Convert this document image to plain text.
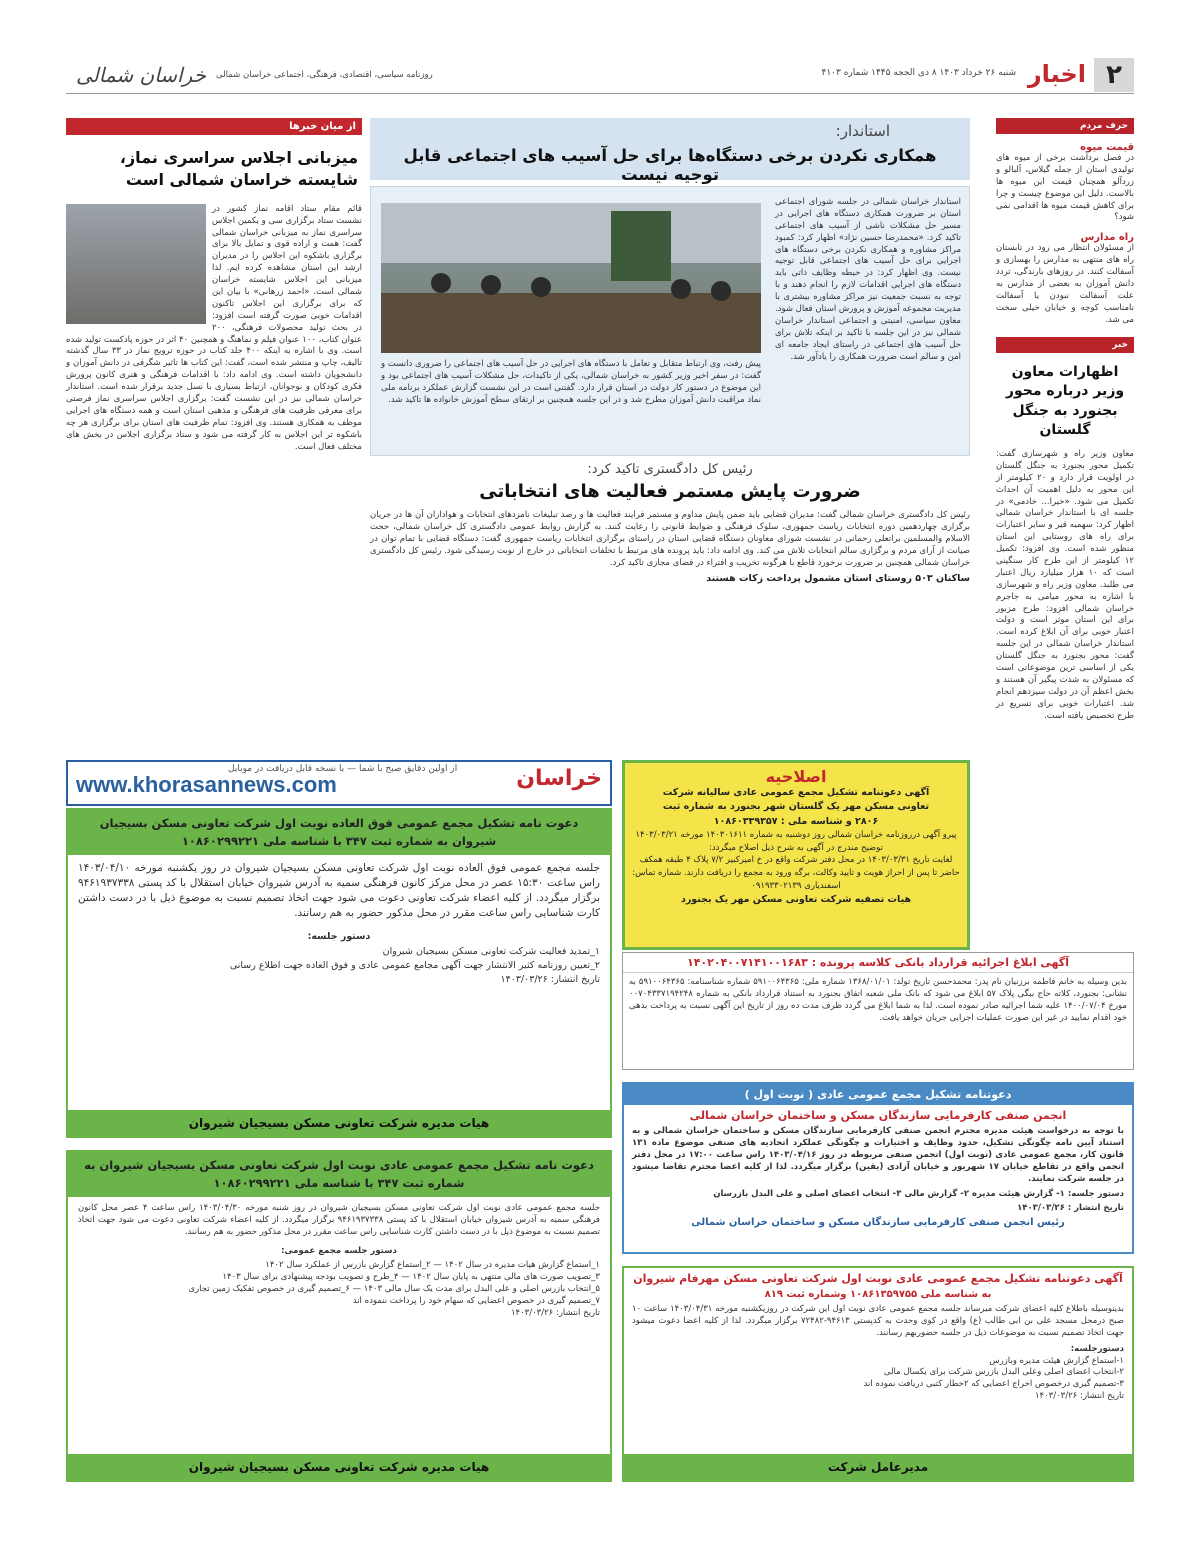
۲
اخبار
شنبه ۲۶ خرداد ۱۴۰۳ ۸ ذی الحجه ۱۴۴۵ شماره ۴۱۰۳
خراسان شمالی روزنامه سیاسی، اقتصادی، فرهنگی، اجتماعی خراسان شمالی
حرف مردم
قیمت میوه
در فصل برداشت برخی از میوه های تولیدی استان از جمله گیلاس، آلبالو و زردآلو همچنان قیمت این میوه ها بالاست. دلیل این موضوع چیست و چرا برای کاهش قیمت میوه ها اقدامی نمی شود؟
راه مدارس
از مسئولان انتظار می رود در تابستان راه های منتهی به مدارس را بهسازی و آسفالت کنند. در روزهای بارندگی، تردد دانش آموزان به بعضی از مدارس به علت آسفالت نبودن یا آسفالت نامناسب کوچه و خیابان خیلی سخت می شد.
خبر
اظهارات معاون وزیر درباره محور بجنورد به جنگل گلستان
معاون وزیر راه و شهرسازی گفت: تکمیل محور بجنورد به جنگل گلستان در اولویت قرار دارد و ۲۰ کیلومتر از این محور به دلیل اهمیت آن احداث تکمیل می شود. «خیرا... خادمی» در جلسه ای با استاندار خراسان شمالی اظهار کرد: سهمیه قیر و سایر اعتبارات برای راه های روستایی این استان منظور شده است. وی افزود: تکمیل ۱۲ کیلومتر از این طرح کار سنگینی است که ۱۰ هزار میلیارد ریال اعتبار می طلبد. معاون وزیر راه و شهرسازی با اشاره به محور میامی به جاجرم خراسان شمالی افزود: طرح مزبور برای این استان موثر است و دولت اعتبار خوبی برای آن ابلاغ کرده است. استاندار خراسان شمالی در این جلسه گفت: محور بجنورد به جنگل گلستان یکی از اساسی ترین موضوعاتی است که مسئولان به شدت پیگیر آن هستند و بخش اعظم آن در دولت سیزدهم انجام شد. اعتبارات خوبی برای تسریع در طرح تخصیص یافته است.
استاندار:
همکاری نکردن برخی دستگاه‌ها برای حل آسیب های اجتماعی قابل توجیه نیست
استاندار خراسان شمالی در جلسه شورای اجتماعی استان بر ضرورت همکاری دستگاه های اجرایی در مسیر حل مشکلات ناشی از آسیب های اجتماعی تاکید کرد. «محمدرضا حسین نژاد» اظهار کرد: کمبود مراکز مشاوره و همکاری نکردن برخی دستگاه های اجرایی برای حل آسیب های اجتماعی قابل توجیه نیست. وی اظهار کرد: در حیطه وظایف ذاتی باید دستگاه های اجرایی اقدامات لازم را انجام دهند و با توجه به نسبت جمعیت نیز مراکز مشاوره بیشتری با مدیریت مجموعه آموزش و پرورش استان فعال شود. معاون سیاسی، امنیتی و اجتماعی استاندار خراسان شمالی نیز در این جلسه با تاکید بر اینکه تلاش برای حل آسیب های اجتماعی در راستای ایجاد جامعه ای امن و سالم است ضرورت همکاری را یادآور شد.
پیش رفت، وی ارتباط متقابل و تعامل با دستگاه های اجرایی در حل آسیب های اجتماعی را ضروری دانست و گفت: در سفر اخیر وزیر کشور به خراسان شمالی، یکی از تاکیدات، حل مشکلات آسیب های اجتماعی بود و این موضوع در دستور کار دولت در استان قرار دارد. گفتنی است در این نشست گزارش عملکرد برنامه ملی نماد مراقبت دانش آموزان مطرح شد و در این جلسه همچنین بر ارتقای سطح آموزش خانواده ها تاکید شد.
رئیس کل دادگستری تاکید کرد:
ضرورت پایش مستمر فعالیت های انتخاباتی
رئیس کل دادگستری خراسان شمالی گفت: مدیران قضایی باید ضمن پایش مداوم و مستمر فرایند فعالیت ها و رصد تبلیغات نامزدهای انتخابات و هواداران آن ها در جریان برگزاری چهاردهمین دوره انتخابات ریاست جمهوری، سلوک فرهنگی و ضوابط قانونی را رعایت کنند. به گزارش روابط عمومی دادگستری کل خراسان شمالی، حجت الاسلام والمسلمین براتعلی رحمانی در نشست شورای معاونان دستگاه قضایی استان در راستای برگزاری انتخابات ریاست جمهوری گفت: دستگاه قضایی با تمام توان در صیانت از آرای مردم و برگزاری سالم انتخابات تلاش می کند. وی ادامه داد: باید پرونده های مرتبط با تخلفات انتخاباتی در خارج از نوبت رسیدگی شود. رئیس کل دادگستری خراسان شمالی همچنین بر ضرورت برخورد قاطع با هرگونه تخریب و افتراء در فضای مجازی تاکید کرد.
ساکنان ۵۰۳ روستای استان مشمول پرداخت زکات هستند
از میان خبرها
میزبانی اجلاس سراسری نماز، شایسته خراسان شمالی است
قائم مقام ستاد اقامه نماز کشور در نشست ستاد برگزاری سی و یکمین اجلاس سراسری نماز به میزبانی خراسان شمالی گفت: همت و اراده قوی و تمایل بالا برای برگزاری باشکوه این اجلاس را در مدیران ارشد این استان مشاهده کرده ایم. لذا میزبانی این اجلاس شایسته خراسان شمالی است. «احمد زرهانی» با بیان این که برای برگزاری این اجلاس تاکنون اقدامات خوبی صورت گرفته است افزود: در بحث تولید محصولات فرهنگی، ۲۰۰ عنوان کتاب، ۱۰۰ عنوان فیلم و نماهنگ و همچنین ۴۰ اثر در حوزه پادکست تولید شده است. وی با اشاره به اینکه ۴۰۰ جلد کتاب در حوزه ترویج نماز در ۳۳ سال گذشته تالیف، چاپ و منتشر شده است، گفت: این کتاب ها تاثیر شگرفی در دانش آموزان و دانشجویان داشته است. وی ادامه داد: با اقدامات فرهنگی و هنری کانون پرورش فکری کودکان و نوجوانان، ارتباط بسیاری با نسل جدید برقرار شده است. استاندار خراسان شمالی نیز در این نشست گفت: برگزاری اجلاس سراسری نماز فرصتی برای معرفی ظرفیت های فرهنگی و مذهبی استان است و همه دستگاه های اجرایی موظف به همکاری هستند. وی افزود: تمام ظرفیت های استان برای برگزاری هر چه باشکوه تر این اجلاس به کار گرفته می شود و ستاد برگزاری اجلاس در بخش های مختلف فعال است.
www.khorasannews.com
از اولین دقایق صبح با شما — با نسخه قابل دریافت در موبایل	خراسان	اصلاحیه
آگهی دعوتنامه تشکیل مجمع عمومی عادی سالیانه شرکت
تعاونی مسکن مهر یک گلستان شهر بجنورد به شماره ثبت
۲۸۰۶ و شناسه ملی : ۱۰۸۶۰۳۳۹۳۵۷
پیرو آگهی درروزنامه خراسان شمالی روز دوشنبه به شماره ۱۴۰۳۰۱۶۱۱ مورخه ۱۴۰۳/۰۳/۲۱ توضیح مندرج در آگهی به شرح ذیل اصلاح میگردد:
لغایت تاریخ ۱۴۰۳/۰۳/۳۱ در محل دفتر شرکت واقع در خ امیرکبیر ۷/۲ پلاک ۴ طبقه همکف حاضر تا پس از احراز هویت و تایید وکالت، برگه ورود به مجمع را دریافت دارند. شماره تماس: اسفندیاری ۰۹۱۹۳۳۰۲۱۳۹
هیات تصفیه شرکت تعاونی مسکن مهر یک بجنورد
آگهی ابلاغ اجرائیه قرارداد بانکی کلاسه پرونده : ۱۴۰۲۰۴۰۰۷۱۴۱۰۰۱۶۸۳
بدین وسیله به خانم فاطمه برزنیان نام پدر: محمدحسن تاریخ تولد: ۱۳۶۸/۰۱/۰۱ شماره ملی: ۵۹۱۰۰۶۴۳۶۵ شماره شناسنامه: ۵۹۱۰۰۶۴۳۶۵ به نشانی: بجنورد، کلاته حاج بیگی پلاک ۵۷ ابلاغ می شود که بانک ملی شعبه اتفاق بجنورد به استناد قرارداد بانکی به شماره ۰۰۷۰۴۳۳۷۱۹۴۲۴۸ مورخ ۱۴۰۰/۰۷/۰۴ علیه شما اجرائیه صادر نموده است. لذا به شما ابلاغ می گردد ظرف مدت ده روز از تاریخ این آگهی نسبت به پرداخت بدهی خود اقدام نمایید در غیر این صورت عملیات اجرایی جریان خواهد یافت.
دعوتنامه تشکیل مجمع عمومی عادی ( نوبت اول )
انجمن صنفی کارفرمایی سازندگان مسکن و ساختمان خراسان شمالی
با توجه به درخواست هیئت مدیره محترم انجمن صنفی کارفرمایی سازندگان مسکن و ساختمان خراسان شمالی و به استناد آیین نامه چگونگی تشکیل، حدود وظایف و اختیارات و چگونگی عملکرد اتحادیه های صنفی موضوع ماده ۱۳۱ قانون کار، مجمع عمومی عادی (نوبت اول) انجمن صنفی مربوطه در روز ۱۴۰۳/۰۴/۱۶ راس ساعت ۱۷:۰۰ در محل دفتر انجمن واقع در تقاطع خیابان ۱۷ شهریور و خیابان آزادی (یقین) برگزار میگردد. لذا از کلیه اعضا محترم تقاضا میشود در جلسه شرکت نمایند.
دستور جلسه: ۱- گزارش هیئت مدیره ۲- گزارش مالی ۳- انتخاب اعضای اصلی و علی البدل بازرسان
تاریخ انتشار : ۱۴۰۳/۰۳/۲۶
رئیس انجمن صنفی کارفرمایی سازندگان مسکن و ساختمان خراسان شمالی
آگهی دعوتنامه تشکیل مجمع عمومی عادی نوبت اول شرکت تعاونی مسکن مهرفام شیروان
به شناسه ملی ۱۰۸۶۱۳۵۹۷۵۵ وشماره ثبت ۸۱۹
بدینوسیله باطلاع کلیه اعضای شرکت میرساند جلسه مجمع عمومی عادی نوبت اول این شرکت در روزیکشنبه مورخه ۱۴۰۳/۰۴/۳۱ ساعت ۱۰ صبح درمحل مسجد علی بن ابی طالب (ع) واقع در کوی وحدت به کدپستی ۹۴۶۱۳-۷۲۴۸۲ برگزار میگردد. لذا از کلیه اعضا دعوت میشود جهت اتخاذ تصمیم نسبت به موضوعات ذیل در جلسه حضوربهم رسانند.
دستورجلسه:
۱-استماع گزارش هیئت مدیره وبازرس
۲-انتخاب اعضای اصلی وعلی البدل بازرس شرکت برای یکسال مالی
۳-تصمیم گیری درخصوص اخراج اعضایی که ۲خطار کتبی دریافت نموده اند
تاریخ انتشار: ۱۴۰۳/۰۳/۲۶
مدیرعامل شرکت
دعوت نامه تشکیل مجمع عمومی فوق العاده نوبت اول شرکت تعاونی مسکن بسیجیان شیروان به شماره ثبت ۳۴۷ با شناسه ملی ۱۰۸۶۰۲۹۹۲۲۱
جلسه مجمع عمومی فوق العاده نوبت اول شرکت تعاونی مسکن بسیجیان شیروان در روز یکشنبه مورخه ۱۴۰۳/۰۴/۱۰ راس ساعت ۱۵:۳۰ عصر در محل مرکز کانون فرهنگی سمیه به آدرس شیروان خیابان استقلال با کد پستی ۹۴۶۱۹۳۷۳۳۸ برگزار میگردد. از کلیه اعضاء شرکت تعاونی دعوت می شود جهت اتخاذ تصمیم نسبت به موضوع ذیل با در دست داشتن کارت شناسایی راس ساعت مقرر در محل مذکور حضور به هم رسانند.
دستور جلسه:
۱_تمدید فعالیت شرکت تعاونی مسکن بسیجیان شیروان
۲_تعیین روزنامه کثیر الانتشار جهت آگهی مجامع عمومی عادی و فوق العاده جهت اطلاع رسانی
تاریخ انتشار: ۱۴۰۳/۰۳/۲۶
هیات مدیره شرکت تعاونی مسکن بسیجیان شیروان
دعوت نامه تشکیل مجمع عمومی عادی نوبت اول شرکت تعاونی مسکن بسیجیان شیروان به شماره ثبت ۳۴۷ با شناسه ملی ۱۰۸۶۰۲۹۹۲۲۱
جلسه مجمع عمومی عادی نوبت اول شرکت تعاونی مسکن بسیجیان شیروان در روز شنبه مورخه ۱۴۰۳/۰۴/۳۰ راس ساعت ۴ عصر محل کانون فرهنگی سمیه به آدرس شیروان خیابان استقلال با کد پستی ۹۴۶۱۹۳۷۳۳۸ برگزار میگردد. از کلیه اعضاء شرکت تعاونی دعوت می شود جهت اتخاذ تصمیم نسبت به موضوع ذیل با در دست داشتن کارت شناسایی راس ساعت مقرر در محل مذکور حضور به هم رسانند.
دستور جلسه مجمع عمومی:
۱_استماع گزارش هیات مدیره در سال ۱۴۰۲ — ۲_استماع گزارش بازرس از عملکرد سال ۱۴۰۲
۳_تصویب صورت های مالی منتهی به پایان سال ۱۴۰۲ — ۴_طرح و تصویب بودجه پیشنهادی برای سال ۱۴۰۳
۵_انتخاب بازرس اصلی و علی البدل برای مدت یک سال مالی ۱۴۰۳ — ۶_تصمیم گیری در خصوص تفکیک زمین تجاری
۷_تصمیم گیری در خصوص اعضایی که سهام خود را پرداخت ننموده اند
تاریخ انتشار: ۱۴۰۳/۰۳/۲۶
هیات مدیره شرکت تعاونی مسکن بسیجیان شیروان
